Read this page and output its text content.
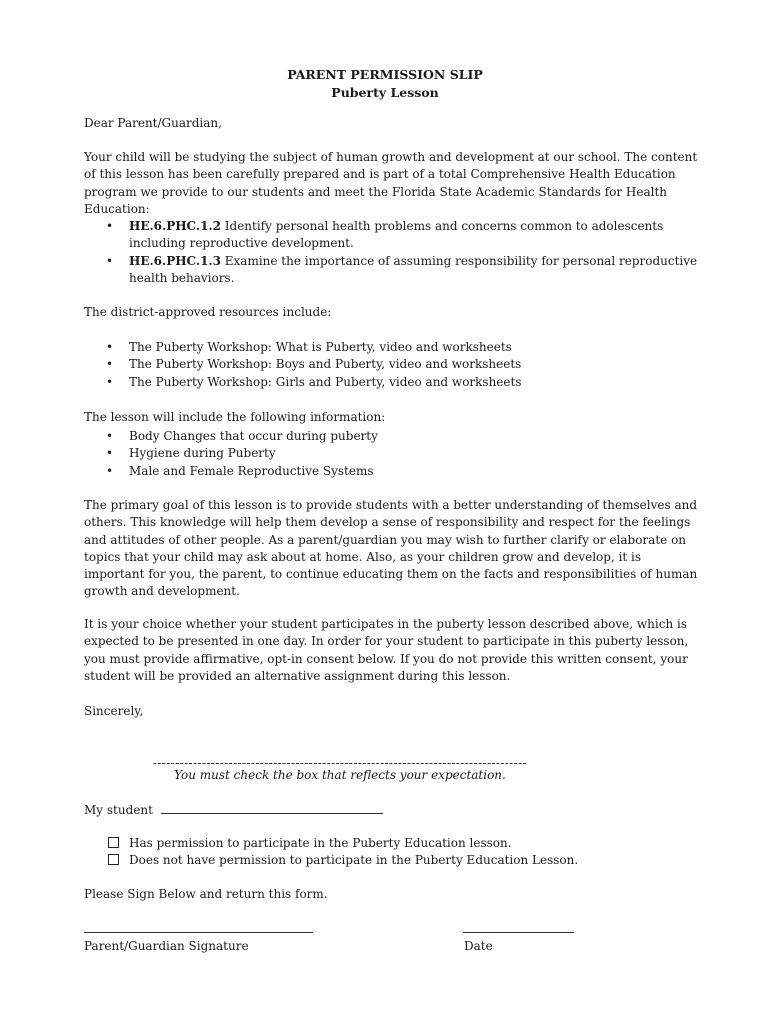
PARENT PERMISSION SLIP
Puberty Lesson

Dear Parent/Guardian,

Your child will be studying the subject of human growth and development at our school. The content of this lesson has been carefully prepared and is part of a total Comprehensive Health Education program we provide to our students and meet the Florida State Academic Standards for Health Education:

• HE.6.PHC.1.2 Identify personal health problems and concerns common to adolescents including reproductive development.
• HE.6.PHC.1.3 Examine the importance of assuming responsibility for personal reproductive health behaviors.

The district-approved resources include:

• The Puberty Workshop: What is Puberty, video and worksheets
• The Puberty Workshop: Boys and Puberty, video and worksheets
• The Puberty Workshop: Girls and Puberty, video and worksheets

The lesson will include the following information:

• Body Changes that occur during puberty
• Hygiene during Puberty
• Male and Female Reproductive Systems

The primary goal of this lesson is to provide students with a better understanding of themselves and others. This knowledge will help them develop a sense of responsibility and respect for the feelings and attitudes of other people. As a parent/guardian you may wish to further clarify or elaborate on topics that your child may ask about at home. Also, as your children grow and develop, it is important for you, the parent, to continue educating them on the facts and responsibilities of human growth and development.

It is your choice whether your student participates in the puberty lesson described above, which is expected to be presented in one day. In order for your student to participate in this puberty lesson, you must provide affirmative, opt-in consent below. If you do not provide this written consent, your student will be provided an alternative assignment during this lesson.

Sincerely,

------------------------------------------------------------------------------------
You must check the box that reflects your expectation.
My student
Has permission to participate in the Puberty Education lesson.
Does not have permission to participate in the Puberty Education Lesson.

Please Sign Below and return this form.

Parent/Guardian Signature	Date
